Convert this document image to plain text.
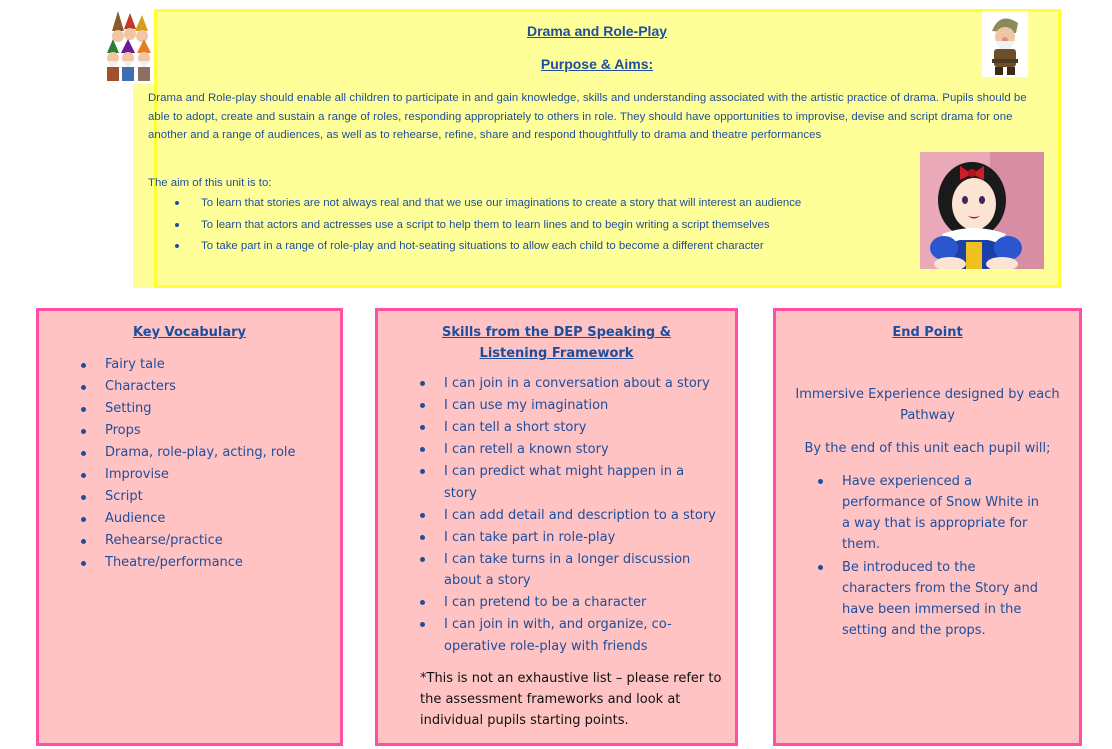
Drama and Role-Play
Purpose & Aims:
Drama and Role-play should enable all children to participate in and gain knowledge, skills and understanding associated with the artistic practice of drama. Pupils should be able to adopt, create and sustain a range of roles, responding appropriately to others in role. They should have opportunities to improvise, devise and script drama for one another and a range of audiences, as well as to rehearse, refine, share and respond thoughtfully to drama and theatre performances
The aim of this unit is to:
To learn that stories are not always real and that we use our imaginations to create a story that will interest an audience
To learn that actors and actresses use a script to help them to learn lines and to begin writing a script themselves
To take part in a range of role-play and hot-seating situations to allow each child to become a different character
Key Vocabulary
Fairy tale
Characters
Setting
Props
Drama, role-play, acting, role
Improvise
Script
Audience
Rehearse/practice
Theatre/performance
Skills from the DEP Speaking & Listening Framework
I can join in a conversation about a story
I can use my imagination
I can tell a short story
I can retell a known story
I can predict what might happen in a story
I can add detail and description to a story
I can take part in role-play
I can take turns in a longer discussion about a story
I can pretend to be a character
I can join in with, and organize, co-operative role-play with friends
*This is not an exhaustive list – please refer to the assessment frameworks and look at individual pupils starting points.
End Point
Immersive Experience designed by each Pathway
By the end of this unit each pupil will;
Have experienced a performance of Snow White in a way that is appropriate for them.
Be introduced to the characters from the Story and have been immersed in the setting and the props.
